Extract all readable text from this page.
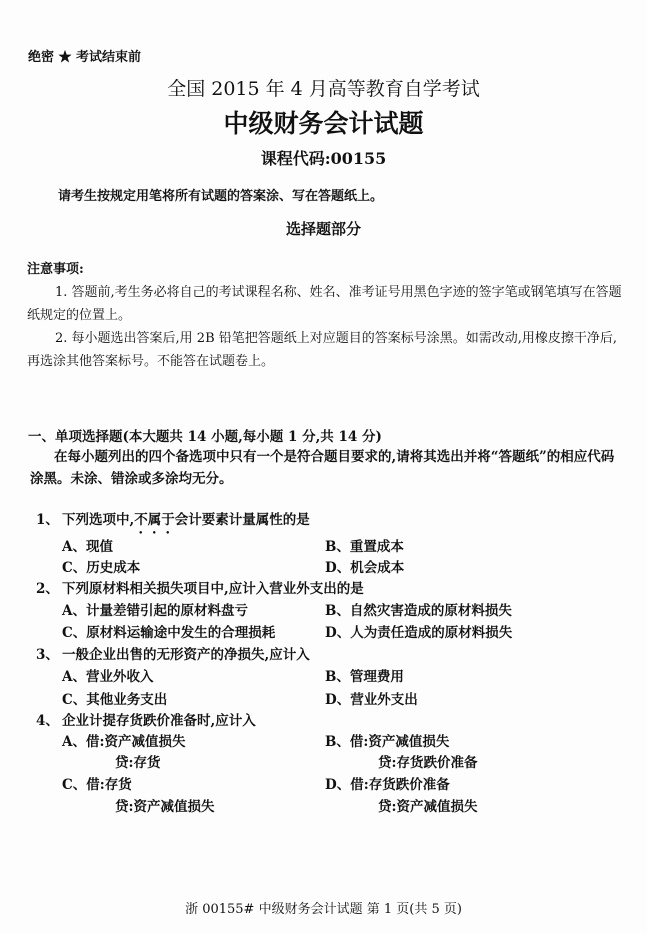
绝密 ★ 考试结束前
全国 2015 年 4 月高等教育自学考试
中级财务会计试题
课程代码:00155
请考生按规定用笔将所有试题的答案涂、写在答题纸上。
选择题部分
注意事项:
1. 答题前,考生务必将自己的考试课程名称、姓名、准考证号用黑色字迹的签字笔或钢笔填写在答题纸规定的位置上。
2. 每小题选出答案后,用 2B 铅笔把答题纸上对应题目的答案标号涂黑。如需改动,用橡皮擦干净后,再选涂其他答案标号。不能答在试题卷上。
一、单项选择题(本大题共 14 小题,每小题 1 分,共 14 分)
在每小题列出的四个备选项中只有一个是符合题目要求的,请将其选出并将“答题纸”的相应代码涂黑。未涂、错涂或多涂均无分。
1、 下列选项中,不属于会计要素计量属性的是
A、现值	B、重置成本
C、历史成本	D、机会成本
2、 下列原材料相关损失项目中,应计入营业外支出的是
A、计量差错引起的原材料盘亏	B、自然灾害造成的原材料损失
C、原材料运输途中发生的合理损耗	D、人为责任造成的原材料损失
3、 一般企业出售的无形资产的净损失,应计入
A、营业外收入	B、管理费用
C、其他业务支出	D、营业外支出
4、 企业计提存货跌价准备时,应计入
A、借:资产减值损失	B、借:资产减值损失
贷:存货	贷:存货跌价准备
C、借:存货	D、借:存货跌价准备
贷:资产减值损失	贷:资产减值损失
浙 00155# 中级财务会计试题 第 1 页(共 5 页)
